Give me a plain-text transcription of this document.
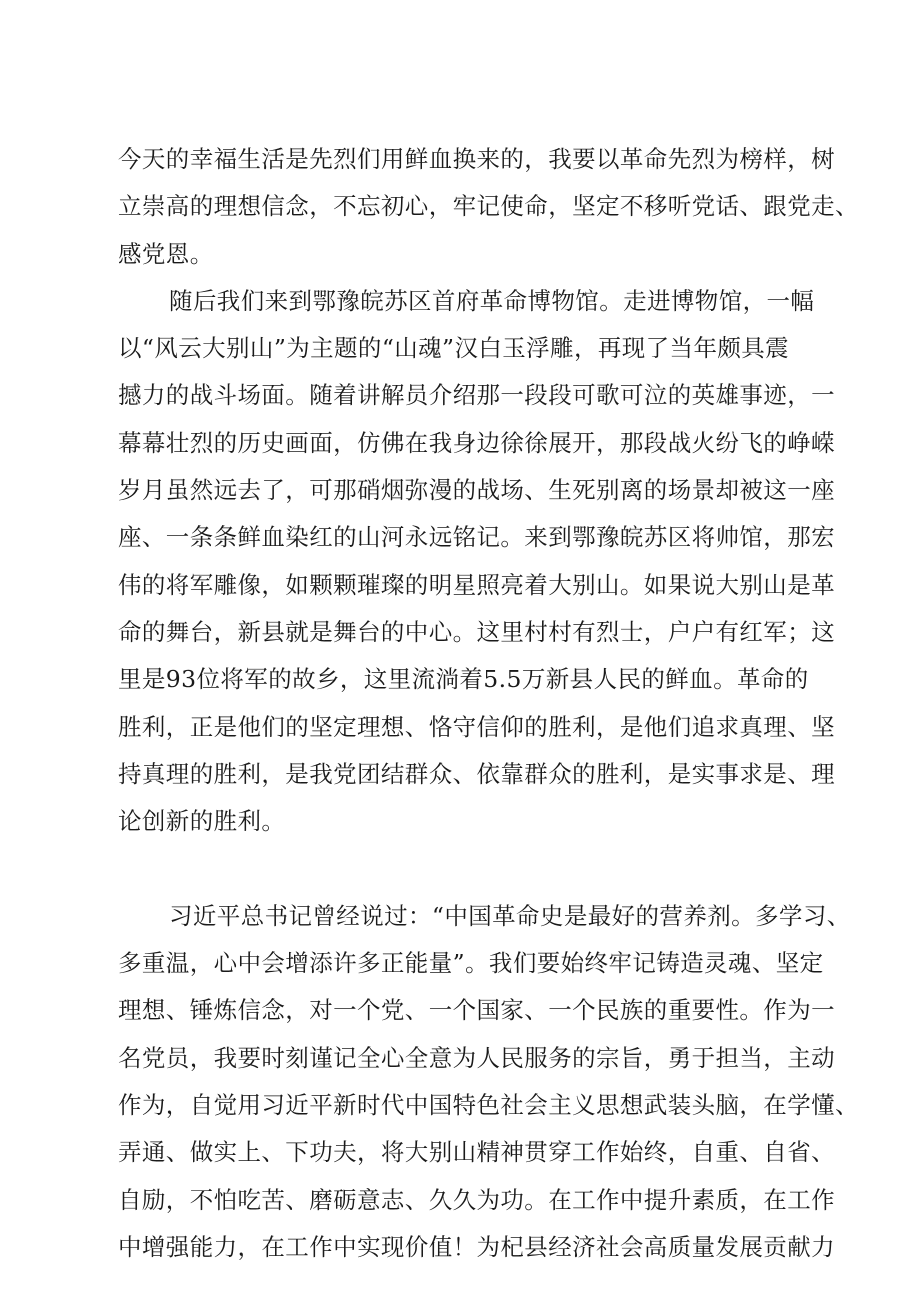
今天的幸福生活是先烈们用鲜血换来的，我要以革命先烈为榜样，树
立崇高的理想信念，不忘初心，牢记使命，坚定不移听党话、跟党走、
感党恩。
随后我们来到鄂豫皖苏区首府革命博物馆。走进博物馆，一幅
以“风云大别山”为主题的“山魂”汉白玉浮雕，再现了当年颇具震
撼力的战斗场面。随着讲解员介绍那一段段可歌可泣的英雄事迹，一
幕幕壮烈的历史画面，仿佛在我身边徐徐展开，那段战火纷飞的峥嵘
岁月虽然远去了，可那硝烟弥漫的战场、生死别离的场景却被这一座
座、一条条鲜血染红的山河永远铭记。来到鄂豫皖苏区将帅馆，那宏
伟的将军雕像，如颗颗璀璨的明星照亮着大别山。如果说大别山是革
命的舞台，新县就是舞台的中心。这里村村有烈士，户户有红军；这
里是93位将军的故乡，这里流淌着5.5万新县人民的鲜血。革命的
胜利，正是他们的坚定理想、恪守信仰的胜利，是他们追求真理、坚
持真理的胜利，是我党团结群众、依靠群众的胜利，是实事求是、理
论创新的胜利。
习近平总书记曾经说过：“中国革命史是最好的营养剂。多学习、
多重温，心中会增添许多正能量”。我们要始终牢记铸造灵魂、坚定
理想、锤炼信念，对一个党、一个国家、一个民族的重要性。作为一
名党员，我要时刻谨记全心全意为人民服务的宗旨，勇于担当，主动
作为，自觉用习近平新时代中国特色社会主义思想武装头脑，在学懂、
弄通、做实上、下功夫，将大别山精神贯穿工作始终，自重、自省、
自励，不怕吃苦、磨砺意志、久久为功。在工作中提升素质，在工作
中增强能力，在工作中实现价值！为杞县经济社会高质量发展贡献力
